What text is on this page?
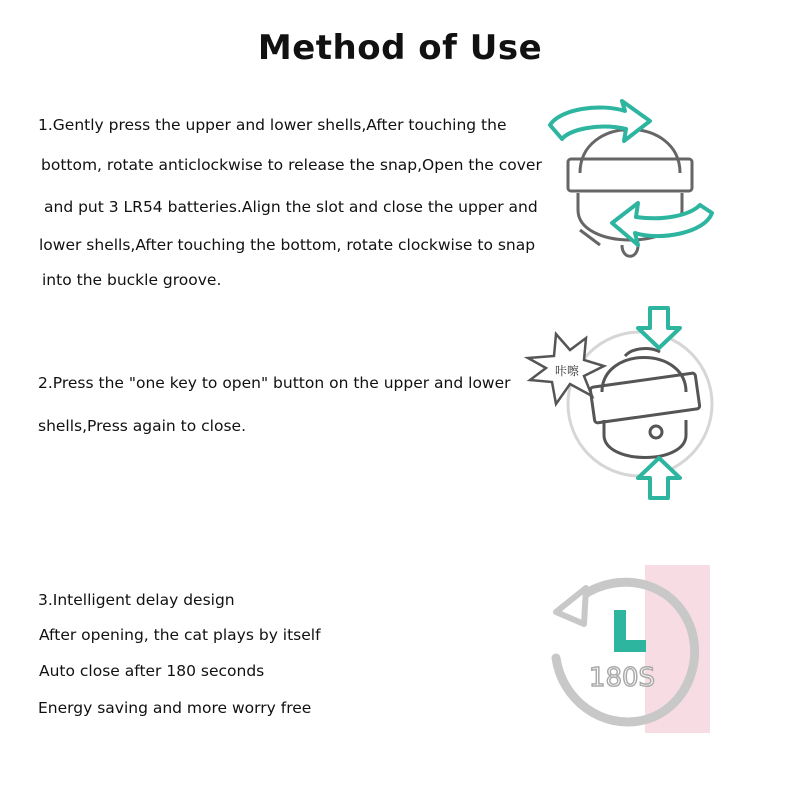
Method of Use
1.Gently press the upper and lower shells,After touching the
bottom, rotate anticlockwise to release the snap,Open the cover
and put 3 LR54 batteries.Align the slot and close the upper and
lower shells,After touching the bottom, rotate clockwise to snap
into the buckle groove.
2.Press the "one key to open" button on the upper and lower
shells,Press again to close.
3.Intelligent delay design
After opening, the cat plays by itself
Auto close after 180 seconds
Energy saving and more worry free
咔嚓
180S
